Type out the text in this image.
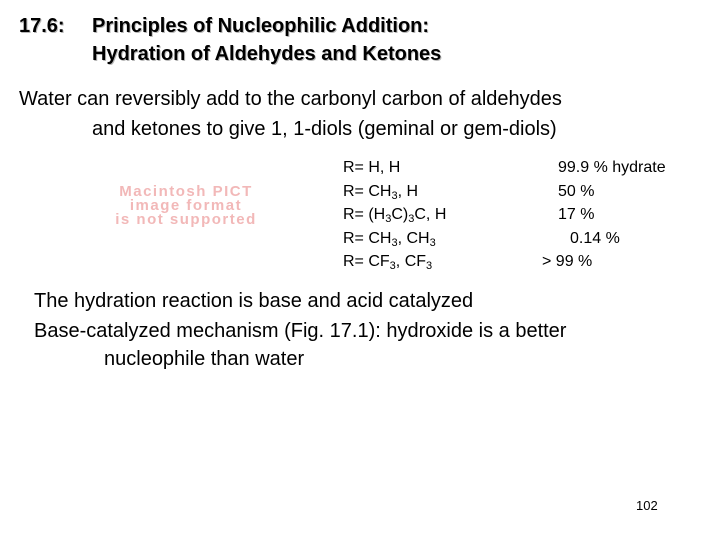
17.6: Principles of Nucleophilic Addition:
Hydration of Aldehydes and Ketones
Water can reversibly add to the carbonyl carbon of aldehydes
and ketones to give 1, 1-diols (geminal or gem-diols)
Macintosh PICT
image format
is not supported
R= H, H
$R= CH_3$, H
$R= (H_3C)_3C$, H
$R= CH_3$, $CH_3$
$R= CF_3$, $CF_3$
99.9 % hydrate
50 %
17 %
0.14 %
> 99 %
The hydration reaction is base and acid catalyzed
Base-catalyzed mechanism (Fig. 17.1): hydroxide is a better
nucleophile than water
102
